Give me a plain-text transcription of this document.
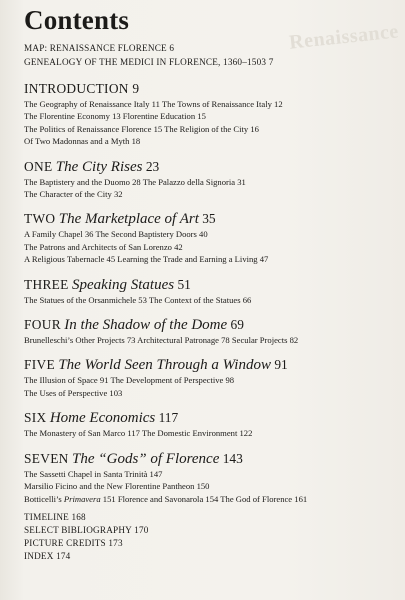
Renaissance
Contents
MAP: RENAISSANCE FLORENCE 6
GENEALOGY OF THE MEDICI IN FLORENCE, 1360–1503 7
INTRODUCTION 9
The Geography of Renaissance Italy 11 The Towns of Renaissance Italy 12
The Florentine Economy 13 Florentine Education 15
The Politics of Renaissance Florence 15 The Religion of the City 16
Of Two Madonnas and a Myth 18
ONE The City Rises 23
The Baptistery and the Duomo 28 The Palazzo della Signoria 31
The Character of the City 32
TWO The Marketplace of Art 35
A Family Chapel 36 The Second Baptistery Doors 40
The Patrons and Architects of San Lorenzo 42
A Religious Tabernacle 45 Learning the Trade and Earning a Living 47
THREE Speaking Statues 51
The Statues of the Orsanmichele 53 The Context of the Statues 66
FOUR In the Shadow of the Dome 69
Brunelleschi’s Other Projects 73 Architectural Patronage 78 Secular Projects 82
FIVE The World Seen Through a Window 91
The Illusion of Space 91 The Development of Perspective 98
The Uses of Perspective 103
SIX Home Economics 117
The Monastery of San Marco 117 The Domestic Environment 122
SEVEN The “Gods” of Florence 143
The Sassetti Chapel in Santa Trinità 147
Marsilio Ficino and the New Florentine Pantheon 150
Botticelli’s Primavera 151 Florence and Savonarola 154 The God of Florence 161
TIMELINE 168
SELECT BIBLIOGRAPHY 170
PICTURE CREDITS 173
INDEX 174
